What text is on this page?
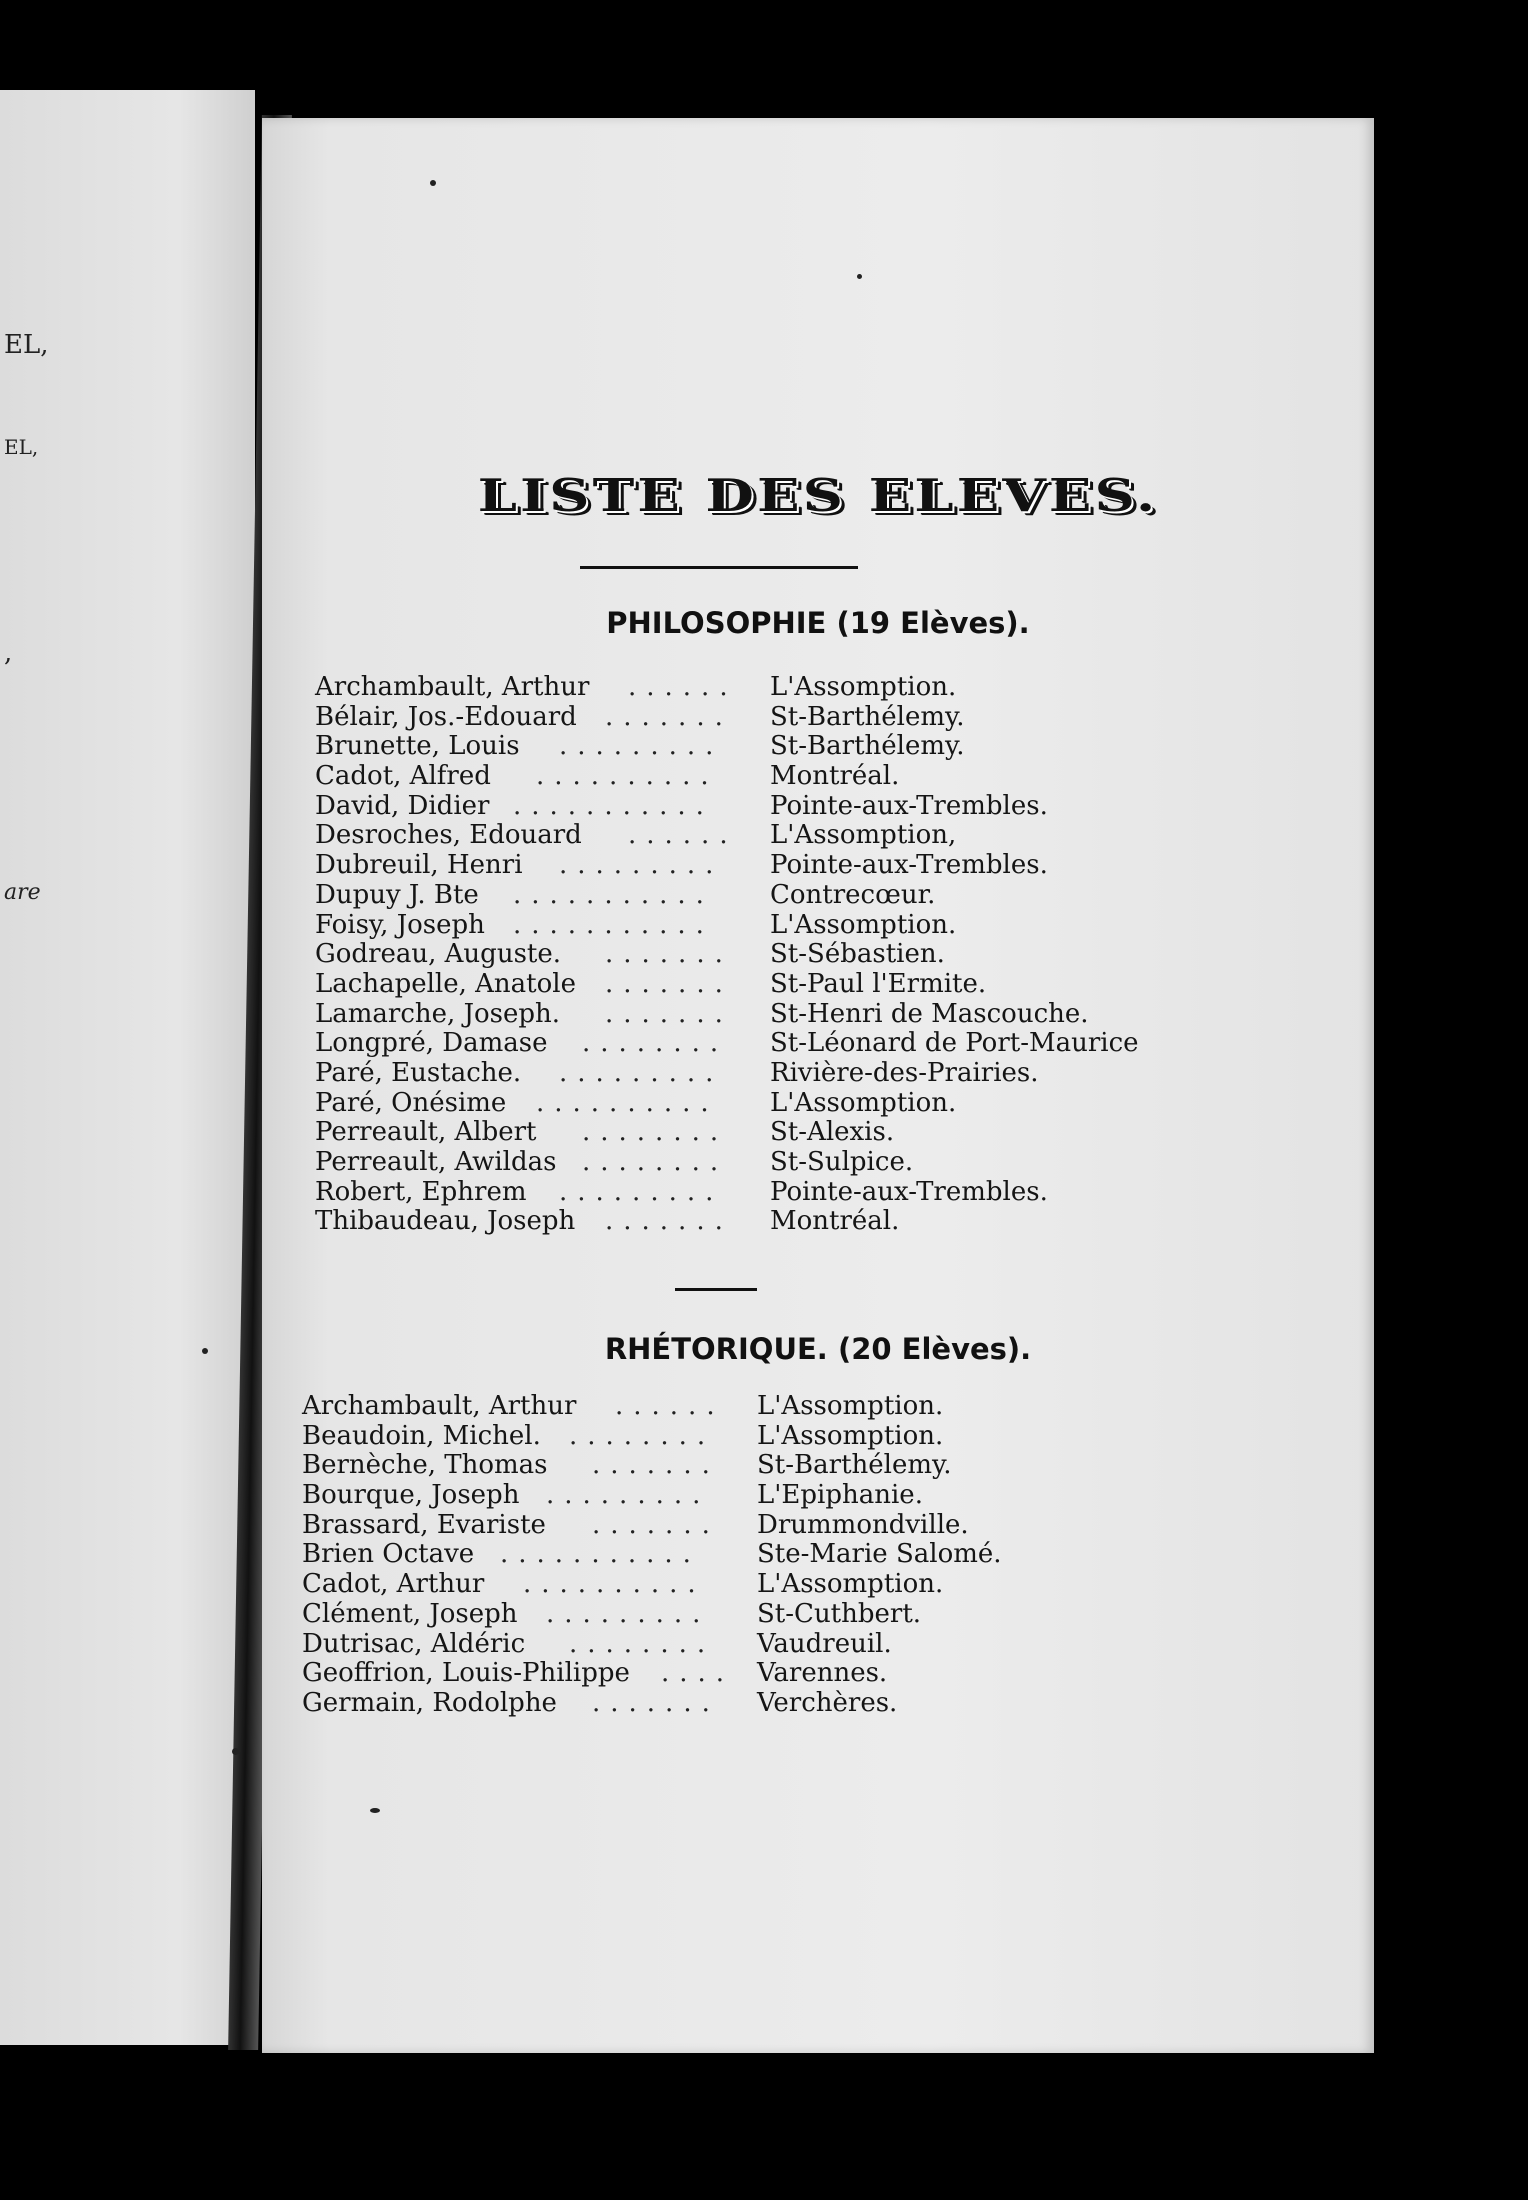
EL,
EL,
,
are
LISTE DES ELEVES.
PHILOSOPHIE (19 Elèves).
Archambault, Arthur ...... L'Assomption.
Bélair, Jos.-Edouard ....... St-Barthélemy.
Brunette, Louis ......... St-Barthélemy.
Cadot, Alfred .......... Montréal.
David, Didier ........... Pointe-aux-Trembles.
Desroches, Edouard ...... L'Assomption,
Dubreuil, Henri ......... Pointe-aux-Trembles.
Dupuy J. Bte ........... Contrecœur.
Foisy, Joseph ........... L'Assomption.
Godreau, Auguste. ....... St-Sébastien.
Lachapelle, Anatole ....... St-Paul l'Ermite.
Lamarche, Joseph. ....... St-Henri de Mascouche.
Longpré, Damase ........ St-Léonard de Port-Maurice
Paré, Eustache. ......... Rivière-des-Prairies.
Paré, Onésime .......... L'Assomption.
Perreault, Albert ........ St-Alexis.
Perreault, Awildas ........ St-Sulpice.
Robert, Ephrem ......... Pointe-aux-Trembles.
Thibaudeau, Joseph ....... Montréal.
RHÉTORIQUE. (20 Elèves).
Archambault, Arthur ...... L'Assomption.
Beaudoin, Michel. ........ L'Assomption.
Bernèche, Thomas ....... St-Barthélemy.
Bourque, Joseph ......... L'Epiphanie.
Brassard, Evariste ....... Drummondville.
Brien Octave ........... Ste-Marie Salomé.
Cadot, Arthur .......... L'Assomption.
Clément, Joseph ......... St-Cuthbert.
Dutrisac, Aldéric ........ Vaudreuil.
Geoffrion, Louis-Philippe .... Varennes.
Germain, Rodolphe ....... Verchères.
